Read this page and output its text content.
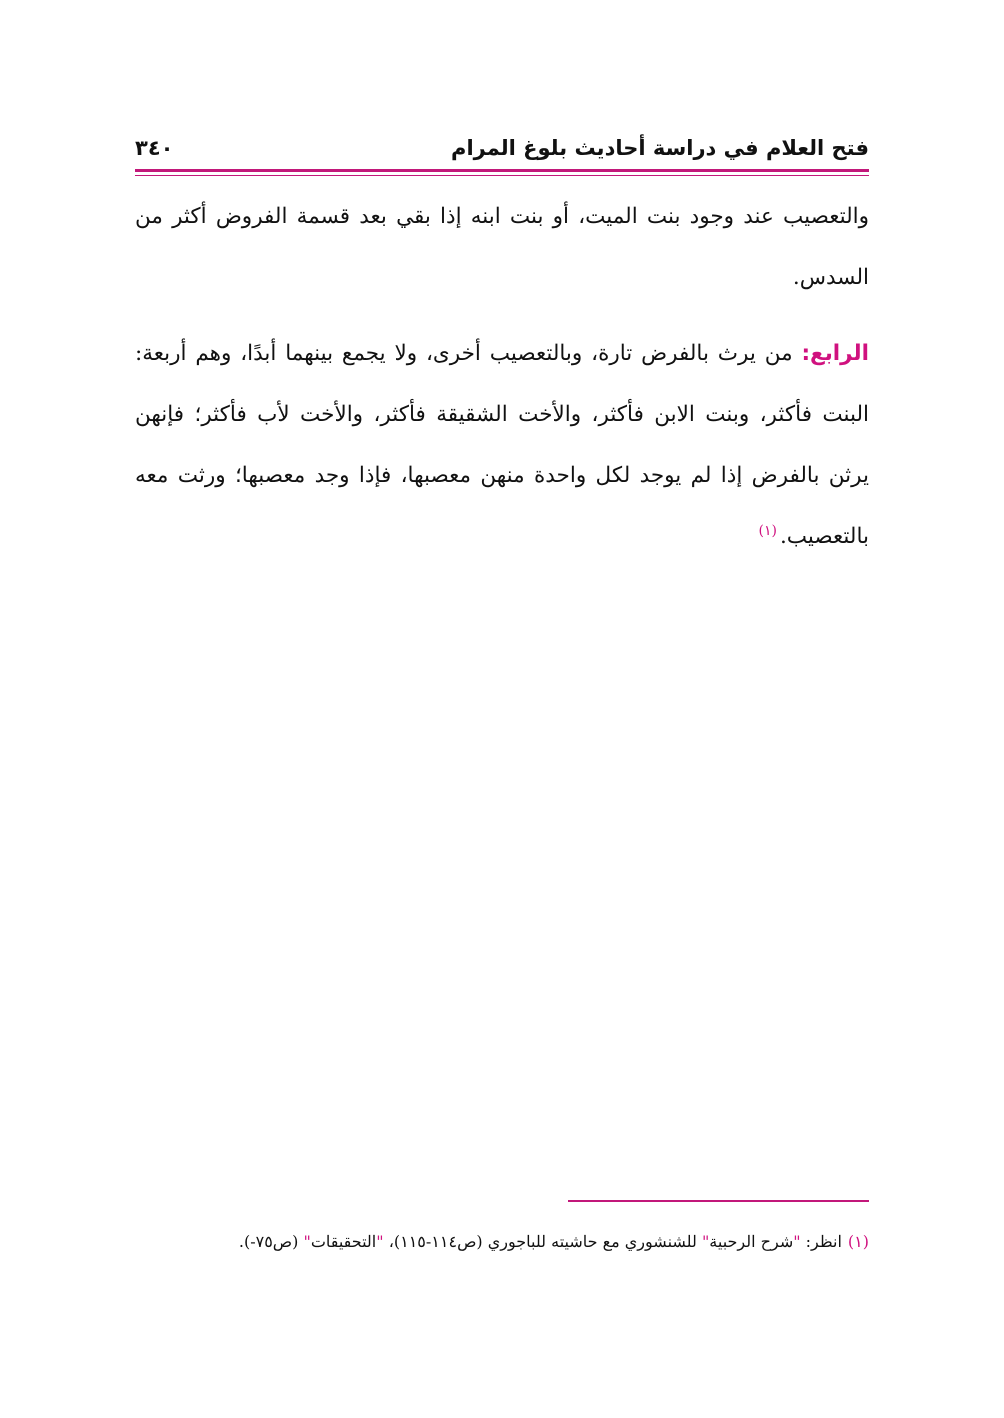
فتح العلام في دراسة أحاديث بلوغ المرام
٣٤٠

والتعصيب عند وجود بنت الميت، أو بنت ابنه إذا بقي بعد قسمة الفروض أكثر من السدس.

الرابع: من يرث بالفرض تارة، وبالتعصيب أخرى، ولا يجمع بينهما أبدًا، وهم أربعة: البنت فأكثر، وبنت الابن فأكثر، والأخت الشقيقة فأكثر، والأخت لأب فأكثر؛ فإنهن يرثن بالفرض إذا لم يوجد لكل واحدة منهن معصبها، فإذا وجد معصبها؛ ورثت معه بالتعصيب.$^{(١)}$

(١)انظر: "شرح الرحبية" للشنشوري مع حاشيته للباجوري (ص١١٤-١١٥)، "التحقيقات" (ص٧٥-).
